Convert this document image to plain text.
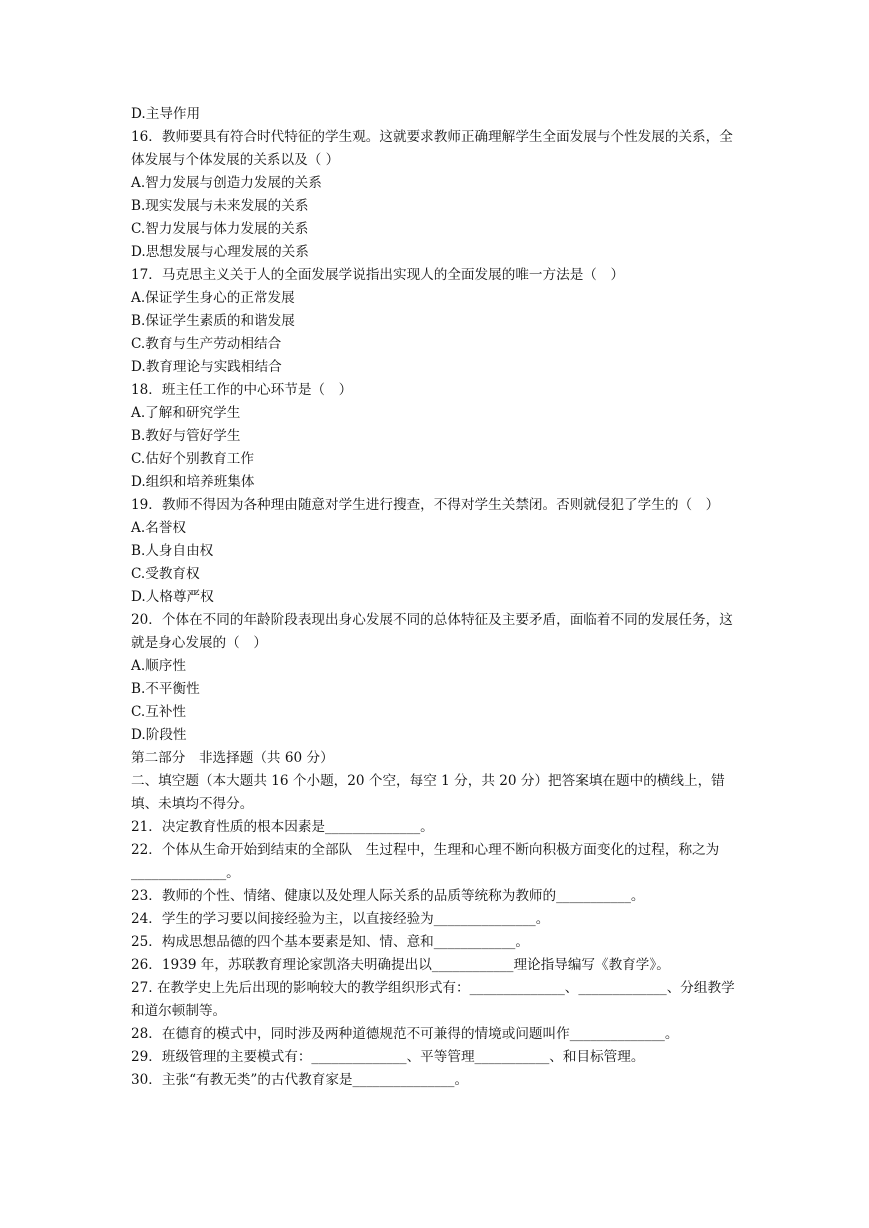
D.主导作用
16．教师要具有符合时代特征的学生观。这就要求教师正确理解学生全面发展与个性发展的关系，全体发展与个体发展的关系以及（ ）
A.智力发展与创造力发展的关系
B.现实发展与未来发展的关系
C.智力发展与体力发展的关系
D.思想发展与心理发展的关系
17．马克思主义关于人的全面发展学说指出实现人的全面发展的唯一方法是（　）
A.保证学生身心的正常发展
B.保证学生素质的和谐发展
C.教育与生产劳动相结合
D.教育理论与实践相结合
18．班主任工作的中心环节是（　）
A.了解和研究学生
B.教好与管好学生
C.估好个别教育工作
D.组织和培养班集体
19．教师不得因为各种理由随意对学生进行搜查，不得对学生关禁闭。否则就侵犯了学生的（　）
A.名誉权
B.人身自由权
C.受教育权
D.人格尊严权
20．个体在不同的年龄阶段表现出身心发展不同的总体特征及主要矛盾，面临着不同的发展任务，这就是身心发展的（　）
A.顺序性
B.不平衡性
C.互补性
D.阶段性
第二部分　非选择题（共 60 分）
二、填空题（本大题共 16 个小题，20 个空，每空 1 分，共 20 分）把答案填在题中的横线上，错填、未填均不得分。
21．决定教育性质的根本因素是______________。
22．个体从生命开始到结束的全部队　生过程中，生理和心理不断向积极方面变化的过程，称之为______________。
23．教师的个性、情绪、健康以及处理人际关系的品质等统称为教师的___________。
24．学生的学习要以间接经验为主，以直接经验为_______________。
25．构成思想品德的四个基本要素是知、情、意和____________。
26．1939 年，苏联教育理论家凯洛夫明确提出以____________理论指导编写《教育学》。
27. 在教学史上先后出现的影响较大的教学组织形式有：______________、_____________、分组教学和道尔顿制等。
28．在德育的模式中，同时涉及两种道德规范不可兼得的情境或问题叫作______________。
29．班级管理的主要模式有：______________、平等管理___________、和目标管理。
30．主张“有教无类”的古代教育家是_______________。
